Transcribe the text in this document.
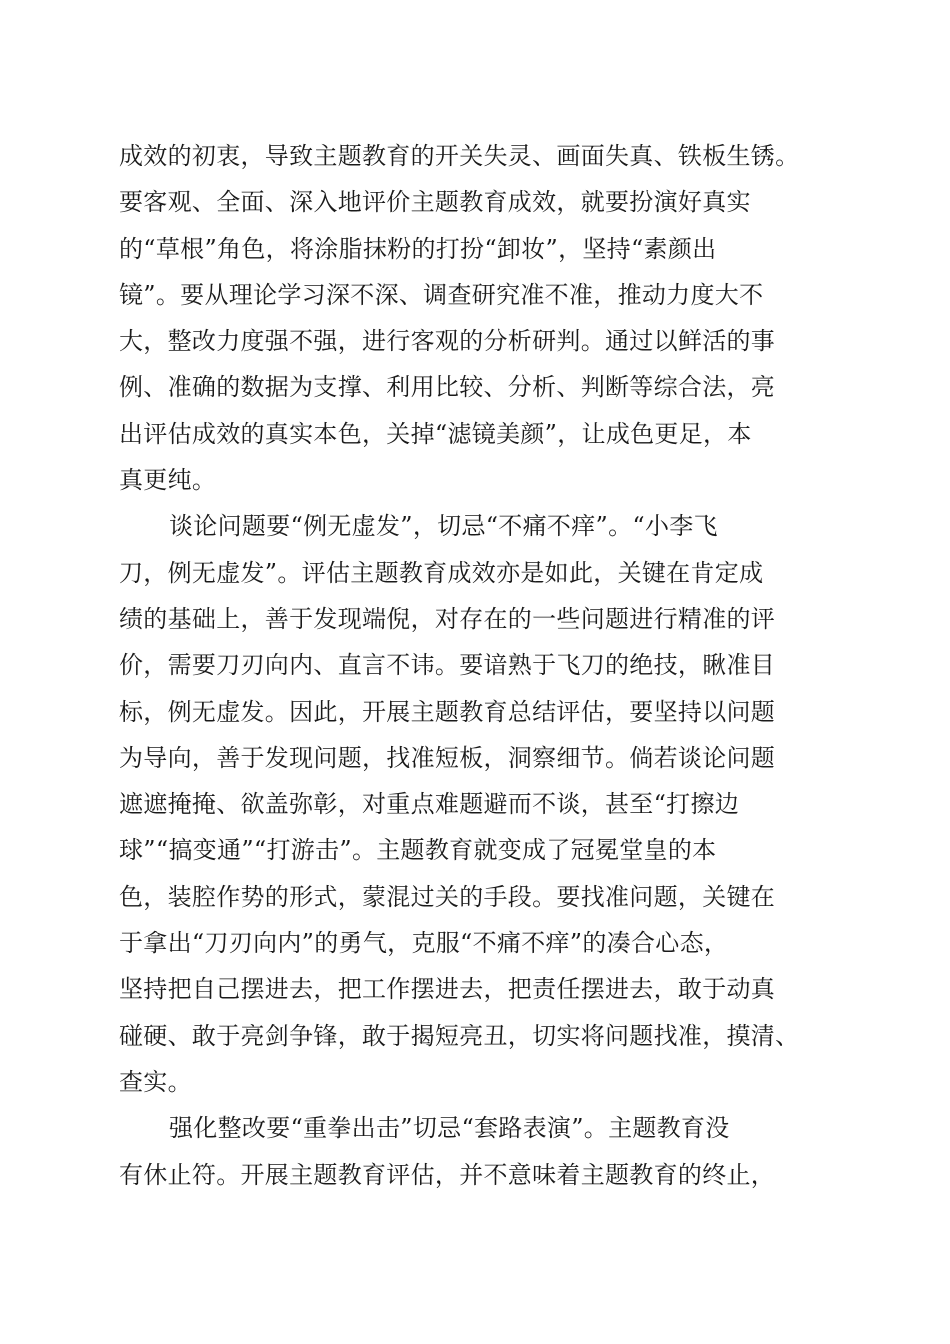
成效的初衷，导致主题教育的开关失灵、画面失真、铁板生锈。
要客观、全面、深入地评价主题教育成效，就要扮演好真实
的“草根”角色，将涂脂抹粉的打扮“卸妆”，坚持“素颜出
镜”。要从理论学习深不深、调查研究准不准，推动力度大不
大，整改力度强不强，进行客观的分析研判。通过以鲜活的事
例、准确的数据为支撑、利用比较、分析、判断等综合法，亮
出评估成效的真实本色，关掉“滤镜美颜”，让成色更足，本
真更纯。
谈论问题要“例无虚发”，切忌“不痛不痒”。“小李飞
刀，例无虚发”。评估主题教育成效亦是如此，关键在肯定成
绩的基础上，善于发现端倪，对存在的一些问题进行精准的评
价，需要刀刃向内、直言不讳。要谙熟于飞刀的绝技，瞅准目
标，例无虚发。因此，开展主题教育总结评估，要坚持以问题
为导向，善于发现问题，找准短板，洞察细节。倘若谈论问题
遮遮掩掩、欲盖弥彰，对重点难题避而不谈，甚至“打擦边
球”“搞变通”“打游击”。主题教育就变成了冠冕堂皇的本
色，装腔作势的形式，蒙混过关的手段。要找准问题，关键在
于拿出“刀刃向内”的勇气，克服“不痛不痒”的凑合心态，
坚持把自己摆进去，把工作摆进去，把责任摆进去，敢于动真
碰硬、敢于亮剑争锋，敢于揭短亮丑，切实将问题找准，摸清、
查实。
强化整改要“重拳出击”切忌“套路表演”。主题教育没
有休止符。开展主题教育评估，并不意味着主题教育的终止，
